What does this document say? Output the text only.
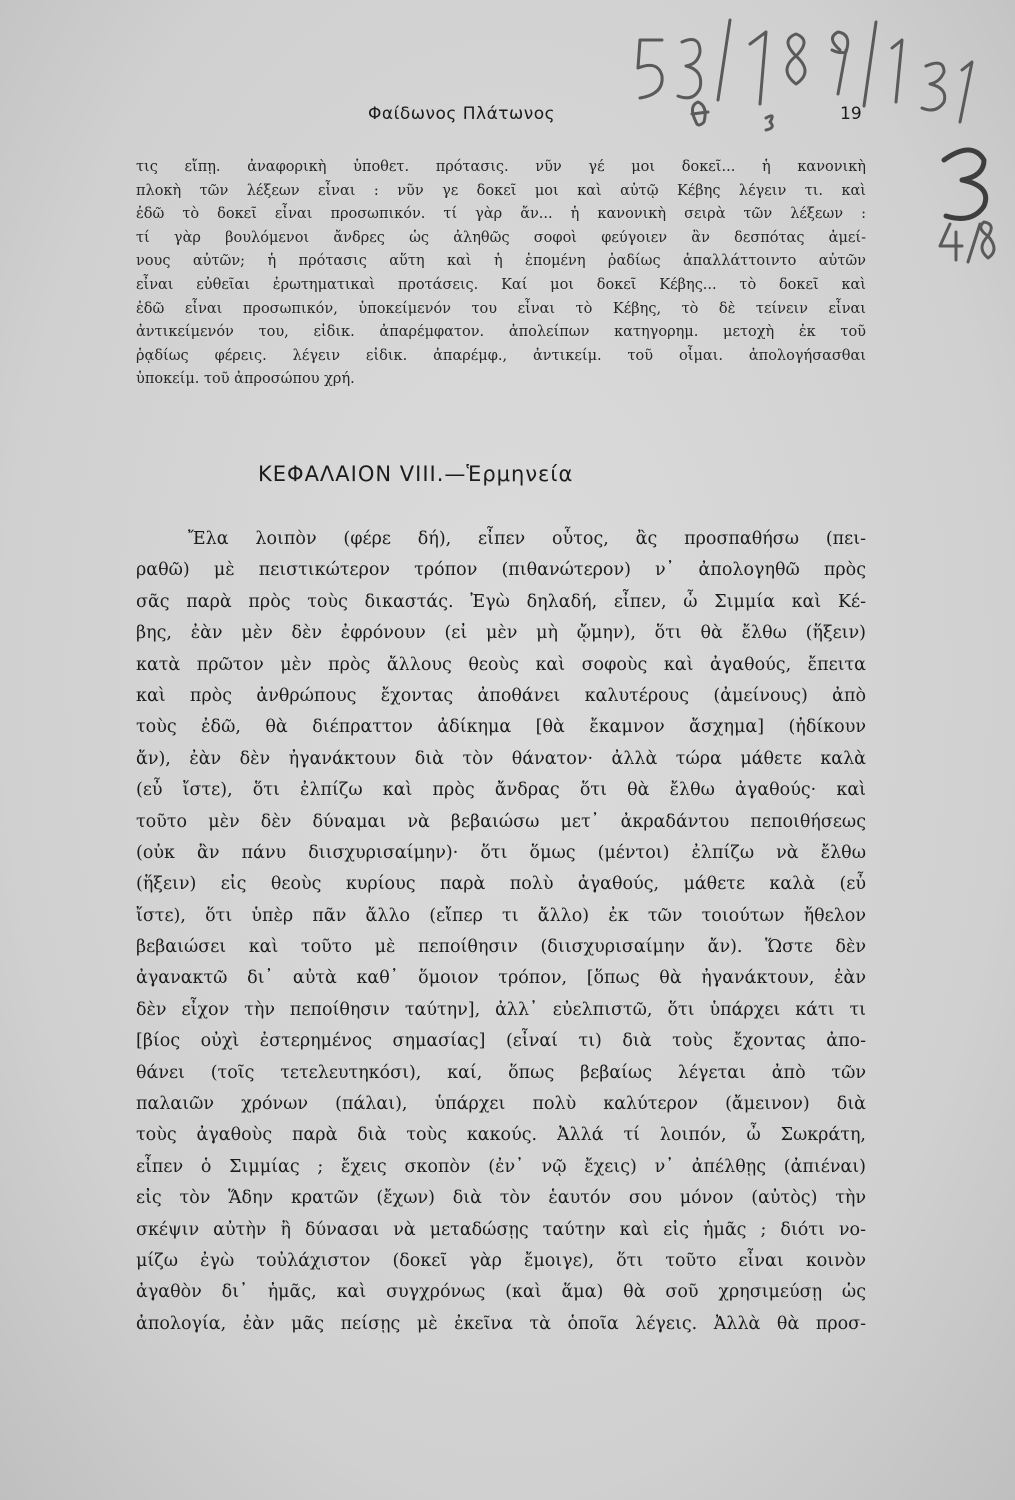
Φαίδωνος Πλάτωνος	19
τις εἴπῃ. ἀναφορικὴ ὑποθετ. πρότασις. νῦν γέ μοι δοκεῖ... ἡ κανονικὴ
πλοκὴ τῶν λέξεων εἶναι : νῦν γε δοκεῖ μοι καὶ αὐτῷ Κέβης λέγειν τι. καὶ
ἐδῶ τὸ δοκεῖ εἶναι προσωπικόν. τί γὰρ ἄν... ἡ κανονικὴ σειρὰ τῶν λέξεων :
τί γὰρ βουλόμενοι ἄνδρες ὡς ἀληθῶς σοφοὶ φεύγοιεν ἂν δεσπότας ἀμεί-
νους αὐτῶν; ἡ πρότασις αὕτη καὶ ἡ ἑπομένη ῥαδίως ἀπαλλάττοιντο αὐτῶν
εἶναι εὐθεῖαι ἐρωτηματικαὶ προτάσεις. Καί μοι δοκεῖ Κέβης... τὸ δοκεῖ καὶ
ἐδῶ εἶναι προσωπικόν, ὑποκείμενόν του εἶναι τὸ Κέβης, τὸ δὲ τείνειν εἶναι
ἀντικείμενόν του, εἰδικ. ἀπαρέμφατον. ἀπολείπων κατηγορημ. μετοχὴ ἐκ τοῦ
ῥᾳδίως φέρεις. λέγειν εἰδικ. ἀπαρέμφ., ἀντικείμ. τοῦ οἶμαι. ἀπολογήσασθαι
ὑποκείμ. τοῦ ἀπροσώπου χρή.
ΚΕΦΑΛΑΙΟΝ VIII.—Ἑρμηνεία
Ἔλα λοιπὸν (φέρε δή), εἶπεν οὗτος, ἂς προσπαθήσω (πει-
ραθῶ) μὲ πειστικώτερον τρόπον (πιθανώτερον) ν᾽ ἀπολογηθῶ πρὸς
σᾶς παρὰ πρὸς τοὺς δικαστάς. Ἐγὼ δηλαδή, εἶπεν, ὦ Σιμμία καὶ Κέ-
βης, ἐὰν μὲν δὲν ἐφρόνουν (εἰ μὲν μὴ ᾤμην), ὅτι θὰ ἔλθω (ἥξειν)
κατὰ πρῶτον μὲν πρὸς ἄλλους θεοὺς καὶ σοφοὺς καὶ ἀγαθούς, ἔπειτα
καὶ πρὸς ἀνθρώπους ἔχοντας ἀποθάνει καλυτέρους (ἀμείνους) ἀπὸ
τοὺς ἐδῶ, θὰ διέπραττον ἀδίκημα [θὰ ἔκαμνον ἄσχημα] (ἠδίκουν
ἄν), ἐὰν δὲν ἠγανάκτουν διὰ τὸν θάνατον· ἀλλὰ τώρα μάθετε καλὰ
(εὖ ἴστε), ὅτι ἐλπίζω καὶ πρὸς ἄνδρας ὅτι θὰ ἔλθω ἀγαθούς· καὶ
τοῦτο μὲν δὲν δύναμαι νὰ βεβαιώσω μετ᾽ ἀκραδάντου πεποιθήσεως
(οὐκ ἂν πάνυ διισχυρισαίμην)· ὅτι ὅμως (μέντοι) ἐλπίζω νὰ ἔλθω
(ἥξειν) εἰς θεοὺς κυρίους παρὰ πολὺ ἀγαθούς, μάθετε καλὰ (εὖ
ἴστε), ὅτι ὑπὲρ πᾶν ἄλλο (εἴπερ τι ἄλλο) ἐκ τῶν τοιούτων ἤθελον
βεβαιώσει καὶ τοῦτο μὲ πεποίθησιν (διισχυρισαίμην ἄν). Ὥστε δὲν
ἀγανακτῶ δι᾽ αὐτὰ καθ᾽ ὅμοιον τρόπον, [ὅπως θὰ ἠγανάκτουν, ἐὰν
δὲν εἶχον τὴν πεποίθησιν ταύτην], ἀλλ᾽ εὐελπιστῶ, ὅτι ὑπάρχει κάτι τι
[βίος οὐχὶ ἐστερημένος σημασίας] (εἶναί τι) διὰ τοὺς ἔχοντας ἀπο-
θάνει (τοῖς τετελευτηκόσι), καί, ὅπως βεβαίως λέγεται ἀπὸ τῶν
παλαιῶν χρόνων (πάλαι), ὑπάρχει πολὺ καλύτερον (ἄμεινον) διὰ
τοὺς ἀγαθοὺς παρὰ διὰ τοὺς κακούς. Ἀλλά τί λοιπόν, ὦ Σωκράτη,
εἶπεν ὁ Σιμμίας ; ἔχεις σκοπὸν (ἐν᾽ νῷ ἔχεις) ν᾽ ἀπέλθῃς (ἀπιέναι)
εἰς τὸν Ἅδην κρατῶν (ἔχων) διὰ τὸν ἑαυτόν σου μόνον (αὐτὸς) τὴν
σκέψιν αὐτὴν ἢ δύνασαι νὰ μεταδώσῃς ταύτην καὶ εἰς ἡμᾶς ; διότι νο-
μίζω ἐγὼ τοὐλάχιστον (δοκεῖ γὰρ ἔμοιγε), ὅτι τοῦτο εἶναι κοινὸν
ἀγαθὸν δι᾽ ἡμᾶς, καὶ συγχρόνως (καὶ ἅμα) θὰ σοῦ χρησιμεύσῃ ὡς
ἀπολογία, ἐὰν μᾶς πείσῃς μὲ ἐκεῖνα τὰ ὁποῖα λέγεις. Ἀλλὰ θὰ προσ-
